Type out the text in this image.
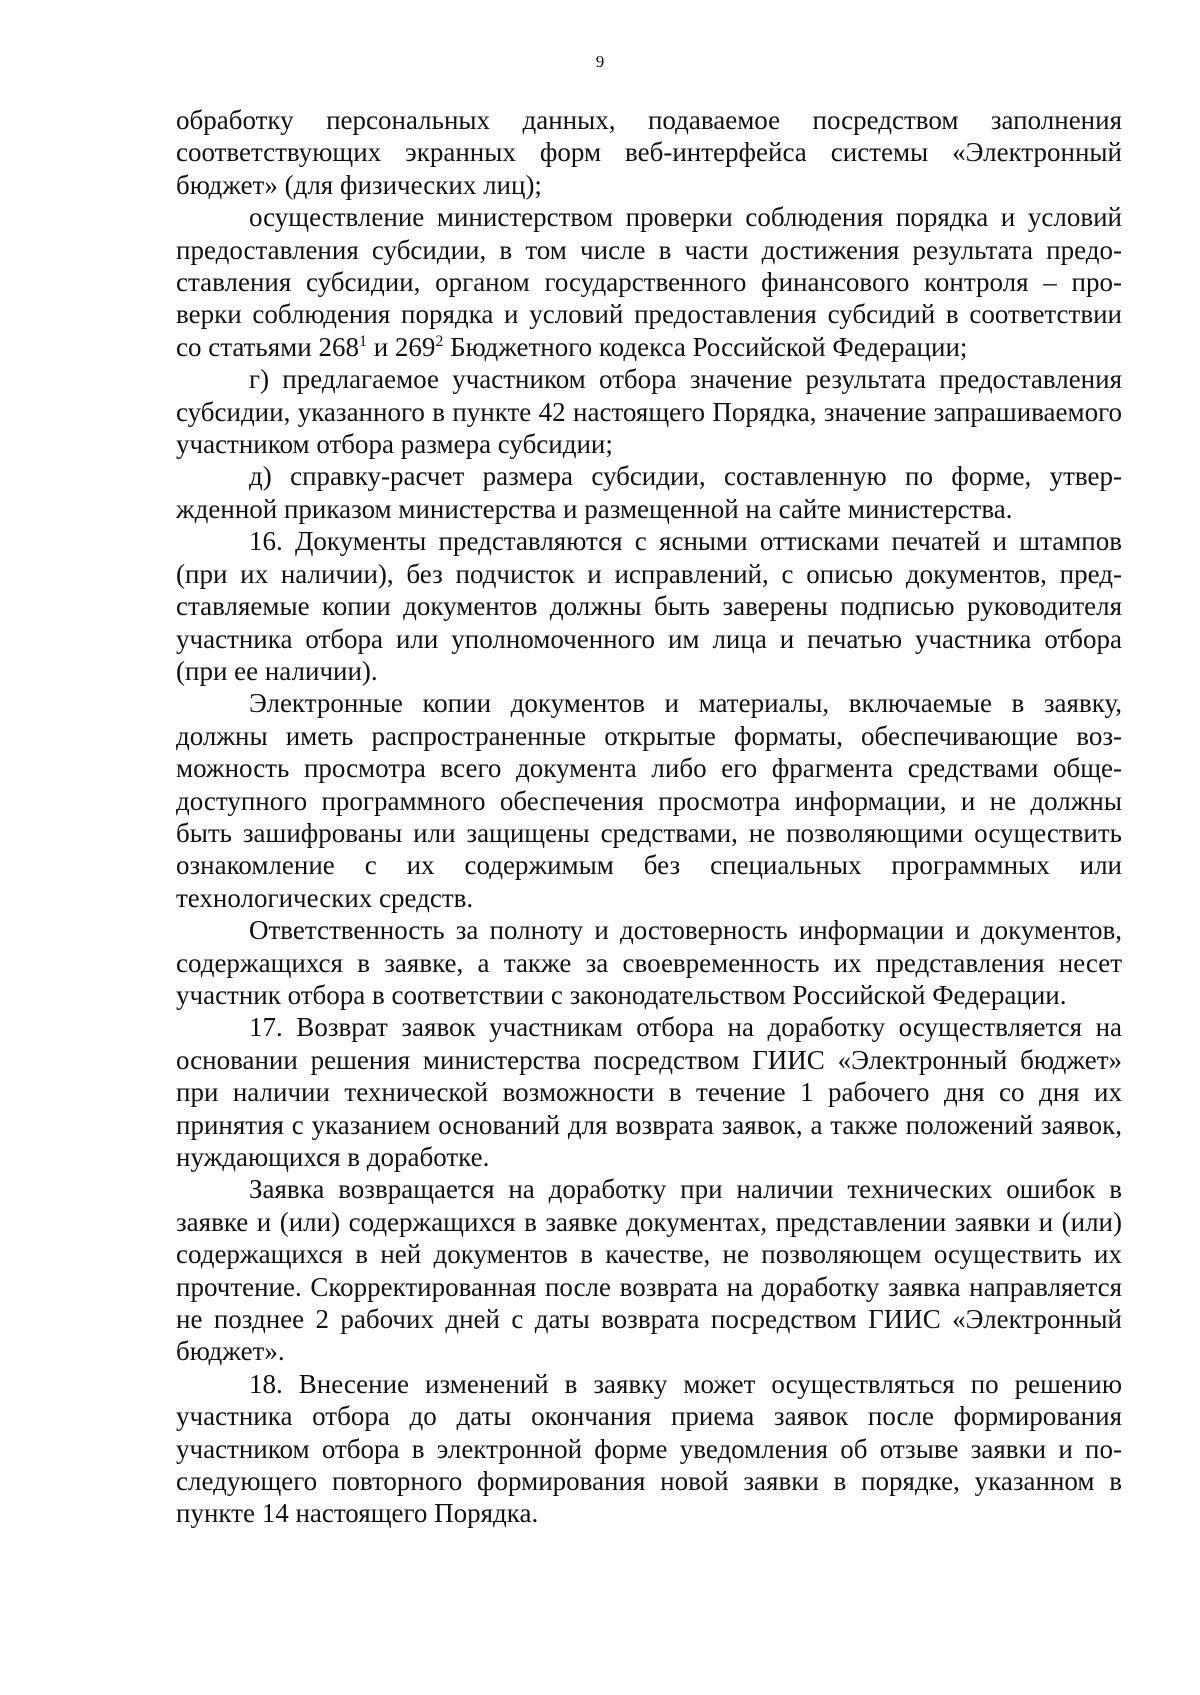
9

обработку персональных данных, подаваемое посредством заполнения соответствующих экранных форм веб-интерфейса системы «Электронный бюджет» (для физических лиц);

осуществление министерством проверки соблюдения порядка и условий предоставления субсидии, в том числе в части достижения результата предоставления субсидии, органом государственного финансового контроля – проверки соблюдения порядка и условий предоставления субсидий в соответствии со статьями $268^1$ и $269^2$ Бюджетного кодекса Российской Федерации;

г) предлагаемое участником отбора значение результата предоставления субсидии, указанного в пункте 42 настоящего Порядка, значение запрашиваемого участником отбора размера субсидии;

д) справку-расчет размера субсидии, составленную по форме, утвержденной приказом министерства и размещенной на сайте министерства.

16. Документы представляются с ясными оттисками печатей и штампов (при их наличии), без подчисток и исправлений, с описью документов, представляемые копии документов должны быть заверены подписью руководителя участника отбора или уполномоченного им лица и печатью участника отбора (при ее наличии).

Электронные копии документов и материалы, включаемые в заявку, должны иметь распространенные открытые форматы, обеспечивающие возможность просмотра всего документа либо его фрагмента средствами общедоступного программного обеспечения просмотра информации, и не должны быть зашифрованы или защищены средствами, не позволяющими осуществить ознакомление с их содержимым без специальных программных или технологических средств.

Ответственность за полноту и достоверность информации и документов, содержащихся в заявке, а также за своевременность их представления несет участник отбора в соответствии с законодательством Российской Федерации.

17. Возврат заявок участникам отбора на доработку осуществляется на основании решения министерства посредством ГИИС «Электронный бюджет» при наличии технической возможности в течение 1 рабочего дня со дня их принятия с указанием оснований для возврата заявок, а также положений заявок, нуждающихся в доработке.

Заявка возвращается на доработку при наличии технических ошибок в заявке и (или) содержащихся в заявке документах, представлении заявки и (или) содержащихся в ней документов в качестве, не позволяющем осуществить их прочтение. Скорректированная после возврата на доработку заявка направляется не позднее 2 рабочих дней с даты возврата посредством ГИИС «Электронный бюджет».

18. Внесение изменений в заявку может осуществляться по решению участника отбора до даты окончания приема заявок после формирования участником отбора в электронной форме уведомления об отзыве заявки и последующего повторного формирования новой заявки в порядке, указанном в пункте 14 настоящего Порядка.
